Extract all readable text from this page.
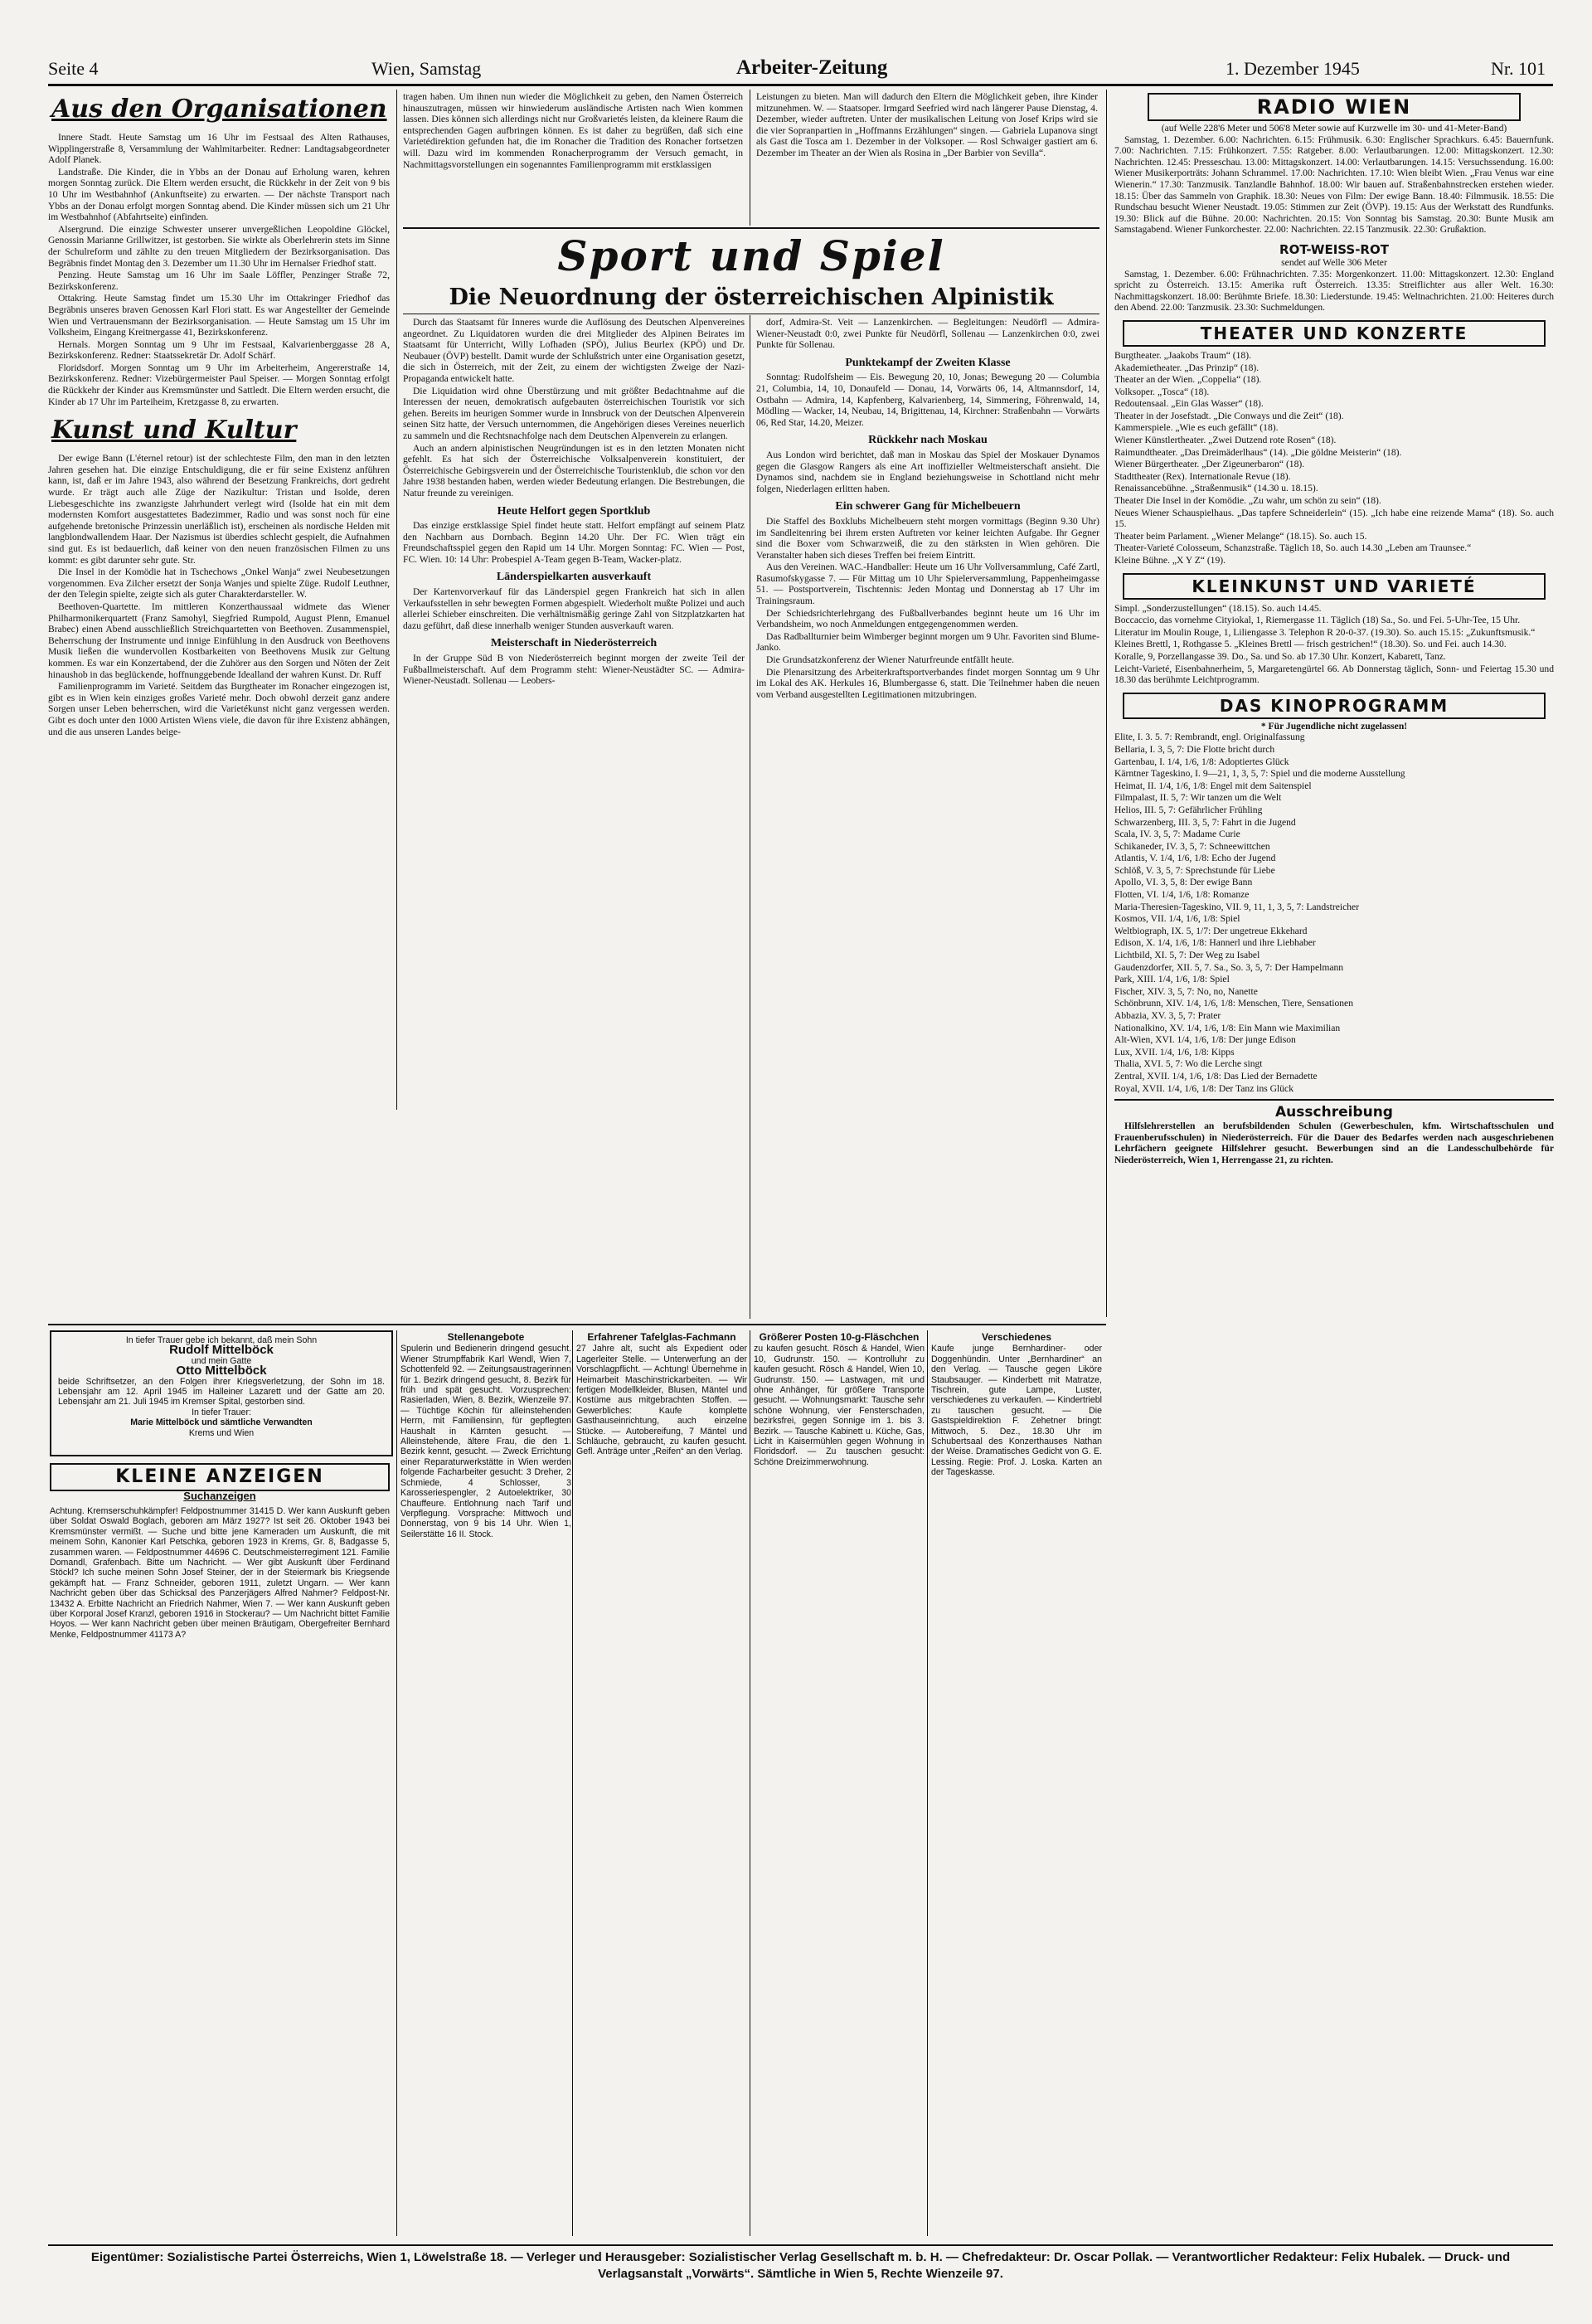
Seite 4	Wien, Samstag	Arbeiter-Zeitung	1. Dezember 1945	Nr. 101
Aus den Organisationen

Innere Stadt. Heute Samstag um 16 Uhr im Festsaal des Alten Rathauses, Wipplingerstraße 8, Versammlung der Wahlmitarbeiter. Redner: Landtagsabgeordneter Adolf Planek.

Landstraße. Die Kinder, die in Ybbs an der Donau auf Erholung waren, kehren morgen Sonntag zurück. Die Eltern werden ersucht, die Rückkehr in der Zeit von 9 bis 10 Uhr im Westbahnhof (Ankunftseite) zu erwarten. — Der nächste Transport nach Ybbs an der Donau erfolgt morgen Sonntag abend. Die Kinder müssen sich um 21 Uhr im Westbahnhof (Abfahrtseite) einfinden.

Alsergrund. Die einzige Schwester unserer unvergeßlichen Leopoldine Glöckel, Genossin Marianne Grillwitzer, ist gestorben. Sie wirkte als Oberlehrerin stets im Sinne der Schulreform und zählte zu den treuen Mitgliedern der Bezirksorganisation. Das Begräbnis findet Montag den 3. Dezember um 11.30 Uhr im Hernalser Friedhof statt.

Penzing. Heute Samstag um 16 Uhr im Saale Löffler, Penzinger Straße 72, Bezirkskonferenz.

Ottakring. Heute Samstag findet um 15.30 Uhr im Ottakringer Friedhof das Begräbnis unseres braven Genossen Karl Flori statt. Es war Angestellter der Gemeinde Wien und Vertrauensmann der Bezirksorganisation. — Heute Samstag um 15 Uhr im Volksheim, Eingang Kreitnergasse 41, Bezirkskonferenz.

Hernals. Morgen Sonntag um 9 Uhr im Festsaal, Kalvarienberggasse 28 A, Bezirkskonferenz. Redner: Staatssekretär Dr. Adolf Schärf.

Floridsdorf. Morgen Sonntag um 9 Uhr im Arbeiterheim, Angererstraße 14, Bezirkskonferenz. Redner: Vizebürgermeister Paul Speiser. — Morgen Sonntag erfolgt die Rückkehr der Kinder aus Kremsmünster und Sattledt. Die Eltern werden ersucht, die Kinder ab 17 Uhr im Parteiheim, Kretzgasse 8, zu erwarten.

Kunst und Kultur

Der ewige Bann (L'éternel retour) ist der schlechteste Film, den man in den letzten Jahren gesehen hat. Die einzige Entschuldigung, die er für seine Existenz anführen kann, ist, daß er im Jahre 1943, also während der Besetzung Frankreichs, dort gedreht wurde. Er trägt auch alle Züge der Nazikultur: Tristan und Isolde, deren Liebesgeschichte ins zwanzigste Jahrhundert verlegt wird (Isolde hat ein mit dem modernsten Komfort ausgestattetes Badezimmer, Radio und was sonst noch für eine aufgehende bretonische Prinzessin unerläßlich ist), erscheinen als nordische Helden mit langblondwallendem Haar. Der Nazismus ist überdies schlecht gespielt, die Aufnahmen sind gut. Es ist bedauerlich, daß keiner von den neuen französischen Filmen zu uns kommt: es gibt darunter sehr gute. Str.

Die Insel in der Komödie hat in Tschechows „Onkel Wanja“ zwei Neubesetzungen vorgenommen. Eva Zilcher ersetzt der Sonja Wanjes und spielte Züge. Rudolf Leuthner, der den Telegin spielte, zeigte sich als guter Charakterdarsteller. W.

Beethoven-Quartette. Im mittleren Konzerthaussaal widmete das Wiener Philharmonikerquartett (Franz Samohyl, Siegfried Rumpold, August Plenn, Emanuel Brabec) einen Abend ausschließlich Streichquartetten von Beethoven. Zusammenspiel, Beherrschung der Instrumente und innige Einfühlung in den Ausdruck von Beethovens Musik ließen die wundervollen Kostbarkeiten von Beethovens Musik zur Geltung kommen. Es war ein Konzertabend, der die Zuhörer aus den Sorgen und Nöten der Zeit hinaushob in das beglückende, hoffnunggebende Idealland der wahren Kunst. Dr. Ruff

Familienprogramm im Varieté. Seitdem das Burgtheater im Ronacher eingezogen ist, gibt es in Wien kein einziges großes Varieté mehr. Doch obwohl derzeit ganz andere Sorgen unser Leben beherrschen, wird die Varietékunst nicht ganz vergessen werden. Gibt es doch unter den 1000 Artisten Wiens viele, die davon für ihre Existenz abhängen, und die aus unseren Landes beige-

tragen haben. Um ihnen nun wieder die Möglichkeit zu geben, den Namen Österreich hinauszutragen, müssen wir hinwiederum ausländische Artisten nach Wien kommen lassen. Dies können sich allerdings nicht nur Großvarietés leisten, da kleinere Raum die entsprechenden Gagen aufbringen können. Es ist daher zu begrüßen, daß sich eine Varietédirektion gefunden hat, die im Ronacher die Tradition des Ronacher fortsetzen will. Dazu wird im kommenden Ronacherprogramm der Versuch gemacht, in Nachmittagsvorstellungen ein sogenanntes Familienprogramm mit erstklassigen
Leistungen zu bieten. Man will dadurch den Eltern die Möglichkeit geben, ihre Kinder mitzunehmen. W. — Staatsoper. Irmgard Seefried wird nach längerer Pause Dienstag, 4. Dezember, wieder auftreten. Unter der musikalischen Leitung von Josef Krips wird sie die vier Sopranpartien in „Hoffmanns Erzählungen“ singen. — Gabriela Lupanova singt als Gast die Tosca am 1. Dezember in der Volksoper. — Rosl Schwaiger gastiert am 6. Dezember im Theater an der Wien als Rosina in „Der Barbier von Sevilla“.
Sport und Spiel
Die Neuordnung der österreichischen Alpinistik

Durch das Staatsamt für Inneres wurde die Auflösung des Deutschen Alpenvereines angeordnet. Zu Liquidatoren wurden die drei Mitglieder des Alpinen Beirates im Staatsamt für Unterricht, Willy Lofhaden (SPÖ), Julius Beurlex (KPÖ) und Dr. Neubauer (ÖVP) bestellt. Damit wurde der Schlußstrich unter eine Organisation gesetzt, die sich in Österreich, mit der Zeit, zu einem der wichtigsten Zweige der Nazi-Propaganda entwickelt hatte.

Die Liquidation wird ohne Überstürzung und mit größter Bedachtnahme auf die Interessen der neuen, demokratisch aufgebauten österreichischen Touristik vor sich gehen. Bereits im heurigen Sommer wurde in Innsbruck von der Deutschen Alpenverein seinen Sitz hatte, der Versuch unternommen, die Angehörigen dieses Vereines neuerlich zu sammeln und die Rechtsnachfolge nach dem Deutschen Alpenverein zu erlangen.

Auch an andern alpinistischen Neugründungen ist es in den letzten Monaten nicht gefehlt. Es hat sich der Österreichische Volksalpenverein konstituiert, der Österreichische Gebirgsverein und der Österreichische Touristenklub, die schon vor den Jahre 1938 bestanden haben, werden wieder Bedeutung erlangen. Die Bestrebungen, die Natur freunde zu vereinigen.

Heute Helfort gegen Sportklub

Das einzige erstklassige Spiel findet heute statt. Helfort empfängt auf seinem Platz den Nachbarn aus Dornbach. Beginn 14.20 Uhr. Der FC. Wien trägt ein Freundschaftsspiel gegen den Rapid um 14 Uhr. Morgen Sonntag: FC. Wien — Post, FC. Wien. 10: 14 Uhr: Probespiel A-Team gegen B-Team, Wacker-platz.

Länderspielkarten ausverkauft

Der Kartenvorverkauf für das Länderspiel gegen Frankreich hat sich in allen Verkaufsstellen in sehr bewegten Formen abgespielt. Wiederholt mußte Polizei und auch allerlei Schieber einschreiten. Die verhältnismäßig geringe Zahl von Sitzplatzkarten hat dazu geführt, daß diese innerhalb weniger Stunden ausverkauft waren.

Meisterschaft in Niederösterreich

In der Gruppe Süd B von Niederösterreich beginnt morgen der zweite Teil der Fußballmeisterschaft. Auf dem Programm steht: Wiener-Neustädter SC. — Admira-Wiener-Neustadt. Sollenau — Leobers-

dorf, Admira-St. Veit — Lanzenkirchen. — Begleitungen: Neudörfl — Admira-Wiener-Neustadt 0:0, zwei Punkte für Neudörfl, Sollenau — Lanzenkirchen 0:0, zwei Punkte für Sollenau.

Punktekampf der Zweiten Klasse

Sonntag: Rudolfsheim — Eis. Bewegung 20, 10, Jonas; Bewegung 20 — Columbia 21, Columbia, 14, 10, Donaufeld — Donau, 14, Vorwärts 06, 14, Altmannsdorf, 14, Ostbahn — Admira, 14, Kapfenberg, Kalvarienberg, 14, Simmering, Föhrenwald, 14, Mödling — Wacker, 14, Neubau, 14, Brigittenau, 14, Kirchner: Straßenbahn — Vorwärts 06, Red Star, 14.20, Meizer.

Rückkehr nach Moskau

Aus London wird berichtet, daß man in Moskau das Spiel der Moskauer Dynamos gegen die Glasgow Rangers als eine Art inoffizieller Weltmeisterschaft ansieht. Die Dynamos sind, nachdem sie in England beziehungsweise in Schottland nicht mehr folgen, Niederlagen erlitten haben.

Ein schwerer Gang für Michelbeuern

Die Staffel des Boxklubs Michelbeuern steht morgen vormittags (Beginn 9.30 Uhr) im Sandleitenring bei ihrem ersten Auftreten vor keiner leichten Aufgabe. Ihr Gegner sind die Boxer vom Schwarzweiß, die zu den stärksten in Wien gehören. Die Veranstalter haben sich dieses Treffen bei freiem Eintritt.

Aus den Vereinen. WAC.-Handballer: Heute um 16 Uhr Vollversammlung, Café Zartl, Rasumofskygasse 7. — Für Mittag um 10 Uhr Spielerversammlung, Pappenheimgasse 51. — Postsportverein, Tischtennis: Jeden Montag und Donnerstag ab 17 Uhr im Trainingsraum.

Der Schiedsrichterlehrgang des Fußballverbandes beginnt heute um 16 Uhr im Verbandsheim, wo noch Anmeldungen entgegengenommen werden.

Das Radballturnier beim Wimberger beginnt morgen um 9 Uhr. Favoriten sind Blume-Janko.

Die Grundsatzkonferenz der Wiener Naturfreunde entfällt heute.

Die Plenarsitzung des Arbeiterkraftsportverbandes findet morgen Sonntag um 9 Uhr im Lokal des AK. Herkules 16, Blumbergasse 6, statt. Die Teilnehmer haben die neuen vom Verband ausgestellten Legitimationen mitzubringen.

RADIO WIEN
(auf Welle 228'6 Meter und 506'8 Meter sowie auf Kurzwelle im 30- und 41-Meter-Band)
Samstag, 1. Dezember. 6.00: Nachrichten. 6.15: Frühmusik. 6.30: Englischer Sprachkurs. 6.45: Bauernfunk. 7.00: Nachrichten. 7.15: Frühkonzert. 7.55: Ratgeber. 8.00: Verlautbarungen. 12.00: Mittagskonzert. 12.30: Nachrichten. 12.45: Presseschau. 13.00: Mittagskonzert. 14.00: Verlautbarungen. 14.15: Versuchssendung. 16.00: Wiener Musikerporträts: Johann Schrammel. 17.00: Nachrichten. 17.10: Wien bleibt Wien. „Frau Venus war eine Wienerin.“ 17.30: Tanzmusik. Tanzlandle Bahnhof. 18.00: Wir bauen auf. Straßenbahnstrecken erstehen wieder. 18.15: Über das Sammeln von Graphik. 18.30: Neues von Film: Der ewige Bann. 18.40: Filmmusik. 18.55: Die Rundschau besucht Wiener Neustadt. 19.05: Stimmen zur Zeit (ÖVP). 19.15: Aus der Werkstatt des Rundfunks. 19.30: Blick auf die Bühne. 20.00: Nachrichten. 20.15: Von Sonntag bis Samstag. 20.30: Bunte Musik am Samstagabend. Wiener Funkorchester. 22.00: Nachrichten. 22.15 Tanzmusik. 22.30: Grußaktion.
ROT-WEISS-ROT
sendet auf Welle 306 Meter
Samstag, 1. Dezember. 6.00: Frühnachrichten. 7.35: Morgenkonzert. 11.00: Mittagskonzert. 12.30: England spricht zu Österreich. 13.15: Amerika ruft Österreich. 13.35: Streiflichter aus aller Welt. 16.30: Nachmittagskonzert. 18.00: Berühmte Briefe. 18.30: Liederstunde. 19.45: Weltnachrichten. 21.00: Heiteres durch den Abend. 22.00: Tanzmusik. 23.30: Suchmeldungen.
THEATER UND KONZERTE
Burgtheater. „Jaakobs Traum“ (18).
Akademietheater. „Das Prinzip“ (18).
Theater an der Wien. „Coppelia“ (18).
Volksoper. „Tosca“ (18).
Redoutensaal. „Ein Glas Wasser“ (18).
Theater in der Josefstadt. „Die Conways und die Zeit“ (18).
Kammerspiele. „Wie es euch gefällt“ (18).
Wiener Künstlertheater. „Zwei Dutzend rote Rosen“ (18).
Raimundtheater. „Das Dreimäderlhaus“ (14). „Die göldne Meisterin“ (18).
Wiener Bürgertheater. „Der Zigeunerbaron“ (18).
Stadttheater (Rex). Internationale Revue (18).
Renaissancebühne. „Straßenmusik“ (14.30 u. 18.15).
Theater Die Insel in der Komödie. „Zu wahr, um schön zu sein“ (18).
Neues Wiener Schauspielhaus. „Das tapfere Schneiderlein“ (15). „Ich habe eine reizende Mama“ (18). So. auch 15.
Theater beim Parlament. „Wiener Melange“ (18.15). So. auch 15.
Theater-Varieté Colosseum, Schanzstraße. Täglich 18, So. auch 14.30 „Leben am Traunsee.“
Kleine Bühne. „X Y Z“ (19).
KLEINKUNST UND VARIETÉ
Simpl. „Sonderzustellungen“ (18.15). So. auch 14.45.
Boccaccio, das vornehme Cityiokal, 1, Riemergasse 11. Täglich (18) Sa., So. und Fei. 5-Uhr-Tee, 15 Uhr.
Literatur im Moulin Rouge, 1, Liliengasse 3. Telephon R 20-0-37. (19.30). So. auch 15.15: „Zukunftsmusik.“
Kleines Brettl, 1, Rothgasse 5. „Kleines Brettl — frisch gestrichen!“ (18.30). So. und Fei. auch 14.30.
Koralle, 9, Porzellangasse 39. Do., Sa. und So. ab 17.30 Uhr. Konzert, Kabarett, Tanz.
Leicht-Varieté, Eisenbahnerheim, 5, Margaretengürtel 66. Ab Donnerstag täglich, Sonn- und Feiertag 15.30 und 18.30 das berühmte Leichtprogramm.
DAS KINOPROGRAMM
* Für Jugendliche nicht zugelassen!
Elite, I. 3. 5. 7: Rembrandt, engl. Originalfassung
Bellaria, I. 3, 5, 7: Die Flotte bricht durch
Gartenbau, I. 1/4, 1/6, 1/8: Adoptiertes Glück
Kärntner Tageskino, I. 9—21, 1, 3, 5, 7: Spiel und die moderne Ausstellung
Heimat, II. 1/4, 1/6, 1/8: Engel mit dem Saitenspiel
Filmpalast, II. 5, 7: Wir tanzen um die Welt
Helios, III. 5, 7: Gefährlicher Frühling
Schwarzenberg, III. 3, 5, 7: Fahrt in die Jugend
Scala, IV. 3, 5, 7: Madame Curie
Schikaneder, IV. 3, 5, 7: Schneewittchen
Atlantis, V. 1/4, 1/6, 1/8: Echo der Jugend
Schlöß, V. 3, 5, 7: Sprechstunde für Liebe
Apollo, VI. 3, 5, 8: Der ewige Bann
Flotten, VI. 1/4, 1/6, 1/8: Romanze
Maria-Theresien-Tageskino, VII. 9, 11, 1, 3, 5, 7: Landstreicher
Kosmos, VII. 1/4, 1/6, 1/8: Spiel
Weltbiograph, IX. 5, 1/7: Der ungetreue Ekkehard
Edison, X. 1/4, 1/6, 1/8: Hannerl und ihre Liebhaber
Lichtbild, XI. 5, 7: Der Weg zu Isabel
Gaudenzdorfer, XII. 5, 7. Sa., So. 3, 5, 7: Der Hampelmann
Park, XIII. 1/4, 1/6, 1/8: Spiel
Fischer, XIV. 3, 5, 7: No, no, Nanette
Schönbrunn, XIV. 1/4, 1/6, 1/8: Menschen, Tiere, Sensationen
Abbazia, XV. 3, 5, 7: Prater
Nationalkino, XV. 1/4, 1/6, 1/8: Ein Mann wie Maximilian
Alt-Wien, XVI. 1/4, 1/6, 1/8: Der junge Edison
Lux, XVII. 1/4, 1/6, 1/8: Kipps
Thalia, XVI. 5, 7: Wo die Lerche singt
Zentral, XVII. 1/4, 1/6, 1/8: Das Lied der Bernadette
Royal, XVII. 1/4, 1/6, 1/8: Der Tanz ins Glück
Ausschreibung
Hilfslehrerstellen an berufsbildenden Schulen (Gewerbeschulen, kfm. Wirtschaftsschulen und Frauenberufsschulen) in Niederösterreich. Für die Dauer des Bedarfes werden nach ausgeschriebenen Lehrfächern geeignete Hilfslehrer gesucht. Bewerbungen sind an die Landesschulbehörde für Niederösterreich, Wien 1, Herrengasse 21, zu richten.
In tiefer Trauer gebe ich bekannt, daß mein Sohn
Rudolf Mittelböck
und mein Gatte
Otto Mittelböck
beide Schriftsetzer, an den Folgen ihrer Kriegsverletzung, der Sohn im 18. Lebensjahr am 12. April 1945 im Halleiner Lazarett und der Gatte am 20. Lebensjahr am 21. Juli 1945 im Kremser Spital, gestorben sind.
In tiefer Trauer:
Marie Mittelböck und sämtliche Verwandten
Krems und Wien
KLEINE ANZEIGEN
Suchanzeigen

Achtung. Kremserschuhkämpfer! Feldpostnummer 31415 D. Wer kann Auskunft geben über Soldat Oswald Boglach, geboren am März 1927? Ist seit 26. Oktober 1943 bei Kremsmünster vermißt. — Suche und bitte jene Kameraden um Auskunft, die mit meinem Sohn, Kanonier Karl Petschka, geboren 1923 in Krems, Gr. 8, Badgasse 5, zusammen waren. — Feldpostnummer 44696 C. Deutschmeisterregiment 121. Familie Domandl, Grafenbach. Bitte um Nachricht. — Wer gibt Auskunft über Ferdinand Stöckl? Ich suche meinen Sohn Josef Steiner, der in der Steiermark bis Kriegsende gekämpft hat. — Franz Schneider, geboren 1911, zuletzt Ungarn. — Wer kann Nachricht geben über das Schicksal des Panzerjägers Alfred Nahmer? Feldpost-Nr. 13432 A. Erbitte Nachricht an Friedrich Nahmer, Wien 7. — Wer kann Auskunft geben über Korporal Josef Kranzl, geboren 1916 in Stockerau? — Um Nachricht bittet Familie Hoyos. — Wer kann Nachricht geben über meinen Bräutigam, Obergefreiter Bernhard Menke, Feldpostnummer 41173 A?

Stellenangebote

Spulerin und Bedienerin dringend gesucht. Wiener Strumpffabrik Karl Wendl, Wien 7, Schottenfeld 92. — Zeitungsaustragerinnen für 1. Bezirk dringend gesucht, 8. Bezirk für früh und spät gesucht. Vorzusprechen: Rasierladen, Wien, 8. Bezirk, Wienzeile 97. — Tüchtige Köchin für alleinstehenden Herrn, mit Familiensinn, für gepflegten Haushalt in Kärnten gesucht. — Alleinstehende, ältere Frau, die den 1. Bezirk kennt, gesucht. — Zweck Errichtung einer Reparaturwerkstätte in Wien werden folgende Facharbeiter gesucht: 3 Dreher, 2 Schmiede, 4 Schlosser, 3 Karosseriespengler, 2 Autoelektriker, 30 Chauffeure. Entlohnung nach Tarif und Verpflegung. Vorsprache: Mittwoch und Donnerstag, von 9 bis 14 Uhr. Wien 1, Seilerstätte 16 II. Stock.

Erfahrener Tafelglas-Fachmann

27 Jahre alt, sucht als Expedient oder Lagerleiter Stelle. — Unterwerfung an der Vorschlagpflicht. — Achtung! Übernehme in Heimarbeit Maschinstrickarbeiten. — Wir fertigen Modellkleider, Blusen, Mäntel und Kostüme aus mitgebrachten Stoffen. — Gewerbliches: Kaufe komplette Gasthauseinrichtung, auch einzelne Stücke. — Autobereifung, 7 Mäntel und Schläuche, gebraucht, zu kaufen gesucht. Gefl. Anträge unter „Reifen“ an den Verlag.

Größerer Posten 10-g-Fläschchen

zu kaufen gesucht. Rösch & Handel, Wien 10, Gudrunstr. 150. — Kontrolluhr zu kaufen gesucht. Rösch & Handel, Wien 10, Gudrunstr. 150. — Lastwagen, mit und ohne Anhänger, für größere Transporte gesucht. — Wohnungsmarkt: Tausche sehr schöne Wohnung, vier Fensterschaden, bezirksfrei, gegen Sonnige im 1. bis 3. Bezirk. — Tausche Kabinett u. Küche, Gas, Licht in Kaisermühlen gegen Wohnung in Floridsdorf. — Zu tauschen gesucht: Schöne Dreizimmerwohnung.

Verschiedenes

Kaufe junge Bernhardiner- oder Doggenhündin. Unter „Bernhardiner“ an den Verlag. — Tausche gegen Liköre Staubsauger. — Kinderbett mit Matratze, Tischrein, gute Lampe, Luster, verschiedenes zu verkaufen. — Kindertriebl zu tauschen gesucht. — Die Gastspieldirektion F. Zehetner bringt: Mittwoch, 5. Dez., 18.30 Uhr im Schubertsaal des Konzerthauses Nathan der Weise. Dramatisches Gedicht von G. E. Lessing. Regie: Prof. J. Loska. Karten an der Tageskasse.

Eigentümer: Sozialistische Partei Österreichs, Wien 1, Löwelstraße 18. — Verleger und Herausgeber: Sozialistischer Verlag Gesellschaft m. b. H. — Chefredakteur: Dr. Oscar Pollak. — Verantwortlicher Redakteur: Felix Hubalek. — Druck- und Verlagsanstalt „Vorwärts“. Sämtliche in Wien 5, Rechte Wienzeile 97.
